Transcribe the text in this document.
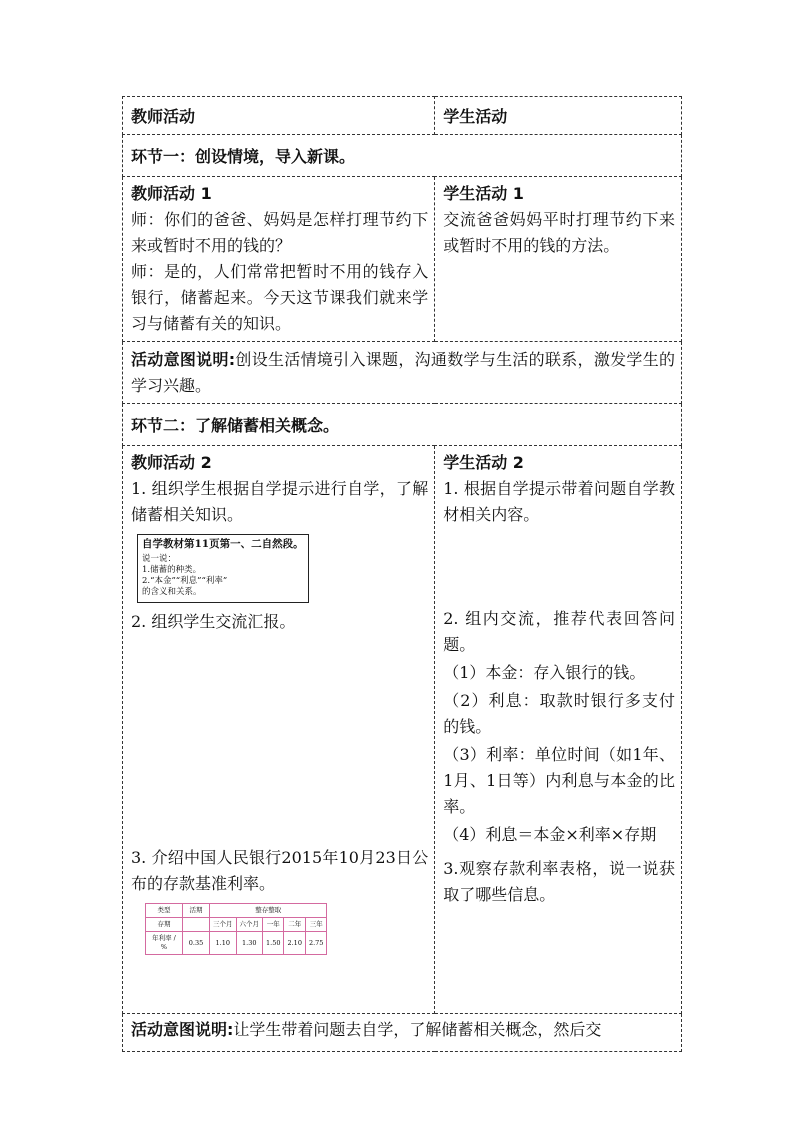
教师活动	学生活动
环节一：创设情境，导入新课。

教师活动 1

师：你们的爸爸、妈妈是怎样打理节约下来或暂时不用的钱的？

师：是的，人们常常把暂时不用的钱存入银行，储蓄起来。今天这节课我们就来学习与储蓄有关的知识。

学生活动 1

交流爸爸妈妈平时打理节约下来或暂时不用的钱的方法。

活动意图说明:创设生活情境引入课题，沟通数学与生活的联系，激发学生的学习兴趣。
环节二：了解储蓄相关概念。

教师活动 2

1. 组织学生根据自学提示进行自学，了解储蓄相关知识。

自学教材第11页第一、二自然段。
说一说：
1.储蓄的种类。
2.“本金”“利息”“利率”
的含义和关系。

2. 组织学生交流汇报。

3. 介绍中国人民银行2015年10月23日公布的存款基准利率。

类型	活期	整存整取
存期		三个月	六个月	一年	二年	三年
年利率 / %	0.35	1.10	1.30	1.50	2.10	2.75

学生活动 2

1. 根据自学提示带着问题自学教材相关内容。

2. 组内交流，推荐代表回答问题。

（1）本金：存入银行的钱。

（2）利息：取款时银行多支付的钱。

（3）利率：单位时间（如1年、1月、1日等）内利息与本金的比率。

（4）利息＝本金×利率×存期

3.观察存款利率表格，说一说获取了哪些信息。

活动意图说明:让学生带着问题去自学，了解储蓄相关概念，然后交
